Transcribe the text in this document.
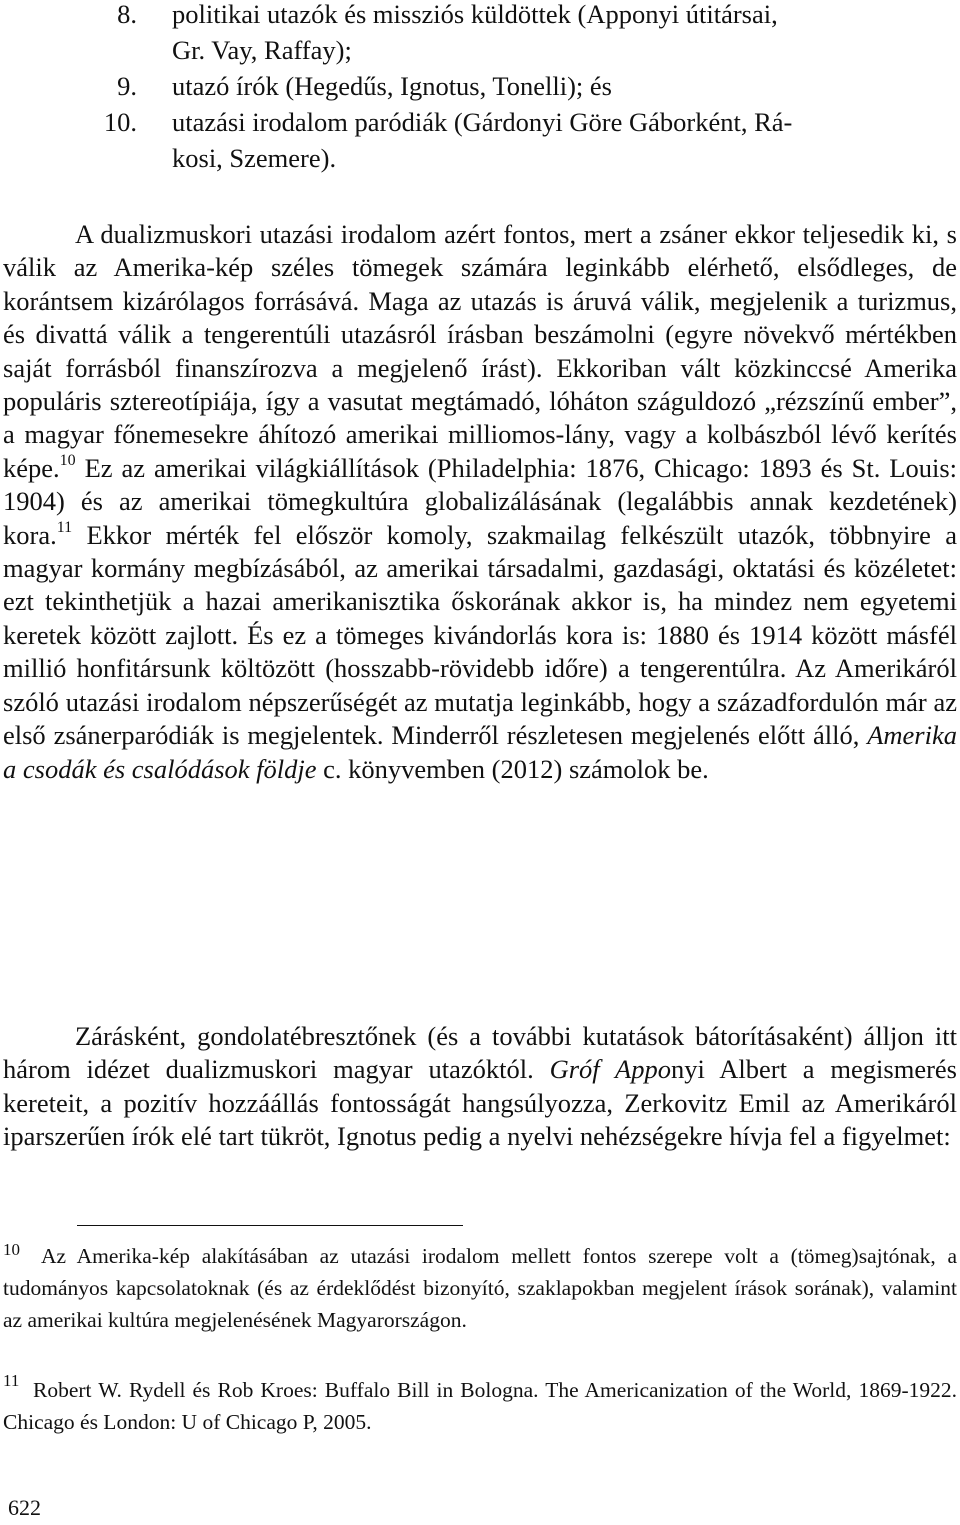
8. politikai utazók és missziós küldöttek (Apponyi útitársai,
Gr. Vay, Raffay);
9. utazó írók (Hegedűs, Ignotus, Tonelli); és
10. utazási irodalom paródiák (Gárdonyi Göre Gáborként, Rá-
kosi, Szemere).

A dualizmuskori utazási irodalom azért fontos, mert a zsáner ekkor teljesedik ki, s válik az Amerika-kép széles tömegek számára leginkább elérhető, elsődleges, de korántsem kizárólagos forrásává. Maga az utazás is áruvá válik, megjelenik a turizmus, és divattá válik a tengerentúli utazásról írásban beszámolni (egyre növekvő mértékben saját forrásból finanszírozva a megjelenő írást). Ekkoriban vált közkinccsé Amerika populáris sztereotípiája, így a vasutat megtámadó, lóháton száguldozó „rézszínű ember”, a magyar főnemesekre áhítozó amerikai milliomos-lány, vagy a kolbászból lévő kerítés képe.$^{10}$ Ez az amerikai világkiállítások (Philadelphia: 1876, Chicago: 1893 és St. Louis: 1904) és az amerikai tömegkultúra globalizálásának (legalábbis annak kezdetének) kora.$^{11}$ Ekkor mérték fel először komoly, szakmailag felkészült utazók, többnyire a magyar kormány megbízásából, az amerikai társadalmi, gazdasági, oktatási és közéletet: ezt tekinthetjük a hazai amerikanisztika őskorának akkor is, ha mindez nem egyetemi keretek között zajlott. És ez a tömeges kivándorlás kora is: 1880 és 1914 között másfél millió honfitársunk költözött (hosszabb-rövidebb időre) a tengerentúlra. Az Amerikáról szóló utazási irodalom népszerűségét az mutatja leginkább, hogy a századfordulón már az első zsánerparódiák is megjelentek. Minderről részletesen megjelenés előtt álló, Amerika a csodák és csalódások földje c. könyvemben (2012) számolok be.

Zárásként, gondolatébresztőnek (és a további kutatások bátorításaként) álljon itt három idézet dualizmuskori magyar utazóktól. Gróf Apponyi Albert a megismerés kereteit, a pozitív hozzáállás fontosságát hangsúlyozza, Zerkovitz Emil az Amerikáról iparszerűen írók elé tart tükröt, Ignotus pedig a nyelvi nehézségekre hívja fel a figyelmet:

10 Az Amerika-kép alakításában az utazási irodalom mellett fontos szerepe volt a (tömeg)sajtónak, a tudományos kapcsolatoknak (és az érdeklődést bizonyító, szaklapokban megjelent írások sorának), valamint az amerikai kultúra megjelenésének Magyarországon.

11 Robert W. Rydell és Rob Kroes: Buffalo Bill in Bologna. The Americanization of the World, 1869-1922. Chicago és London: U of Chicago P, 2005.

622
